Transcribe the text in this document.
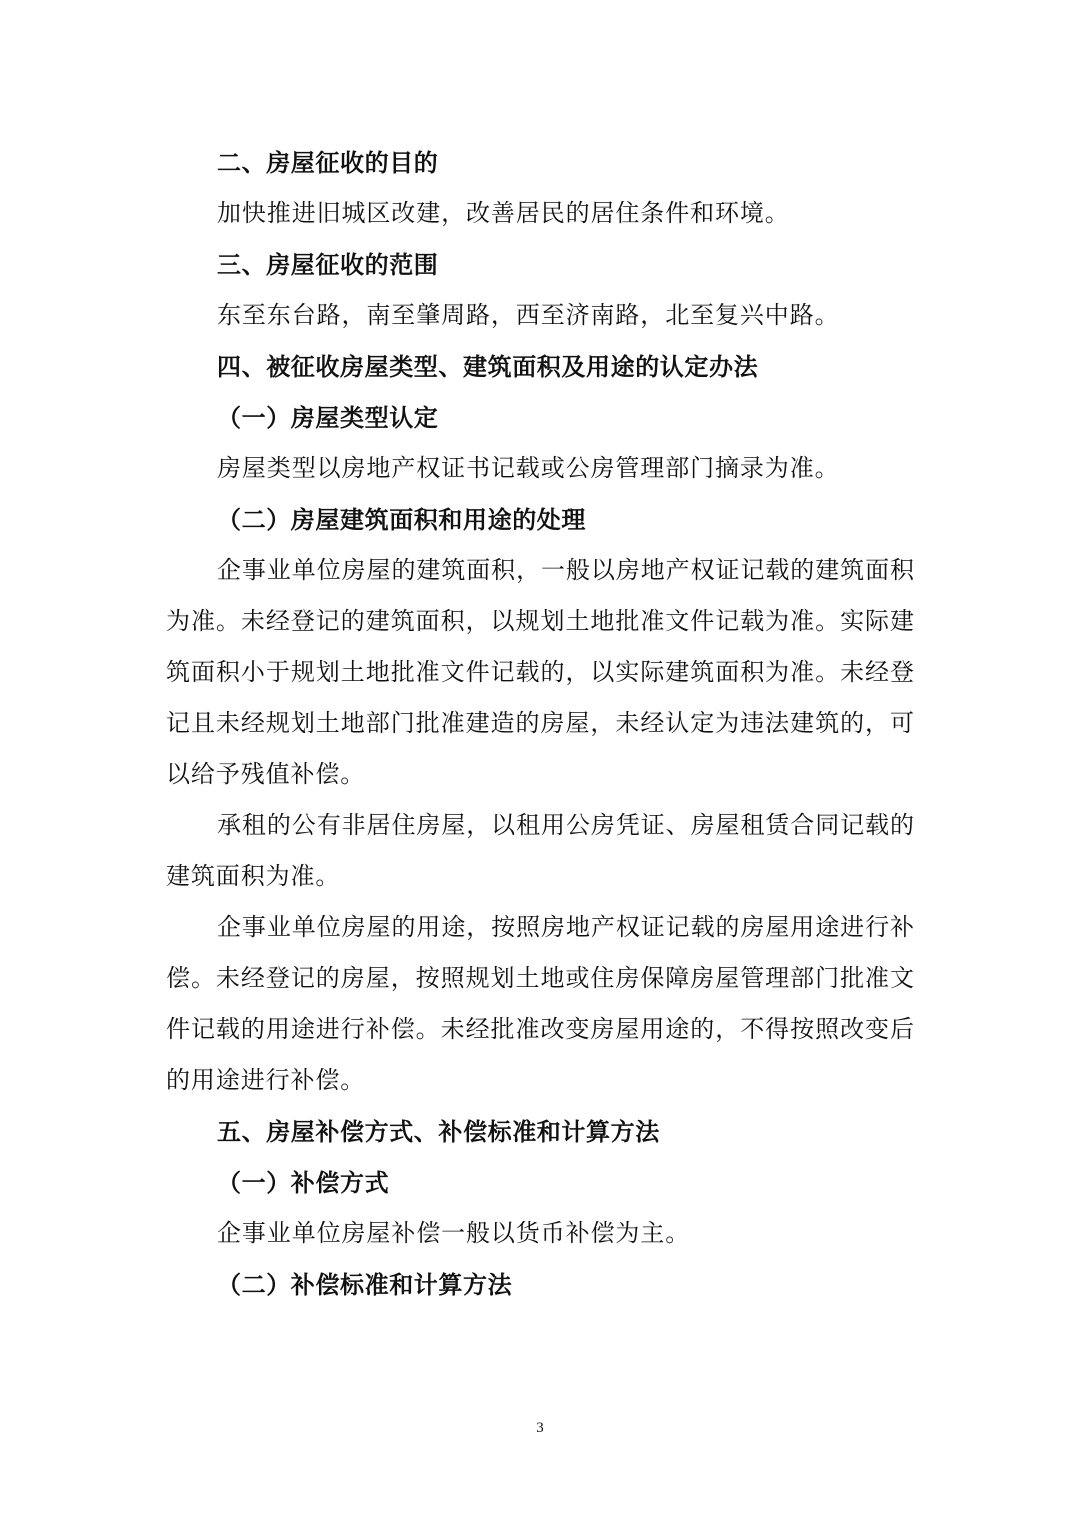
二、房屋征收的目的
加快推进旧城区改建，改善居民的居住条件和环境。
三、房屋征收的范围
东至东台路，南至肇周路，西至济南路，北至复兴中路。
四、被征收房屋类型、建筑面积及用途的认定办法
（一）房屋类型认定
房屋类型以房地产权证书记载或公房管理部门摘录为准。
（二）房屋建筑面积和用途的处理
企事业单位房屋的建筑面积，一般以房地产权证记载的建筑面积
为准。未经登记的建筑面积，以规划土地批准文件记载为准。实际建
筑面积小于规划土地批准文件记载的，以实际建筑面积为准。未经登
记且未经规划土地部门批准建造的房屋，未经认定为违法建筑的，可
以给予残值补偿。
承租的公有非居住房屋，以租用公房凭证、房屋租赁合同记载的
建筑面积为准。
企事业单位房屋的用途，按照房地产权证记载的房屋用途进行补
偿。未经登记的房屋，按照规划土地或住房保障房屋管理部门批准文
件记载的用途进行补偿。未经批准改变房屋用途的，不得按照改变后
的用途进行补偿。
五、房屋补偿方式、补偿标准和计算方法
（一）补偿方式
企事业单位房屋补偿一般以货币补偿为主。
（二）补偿标准和计算方法
3
